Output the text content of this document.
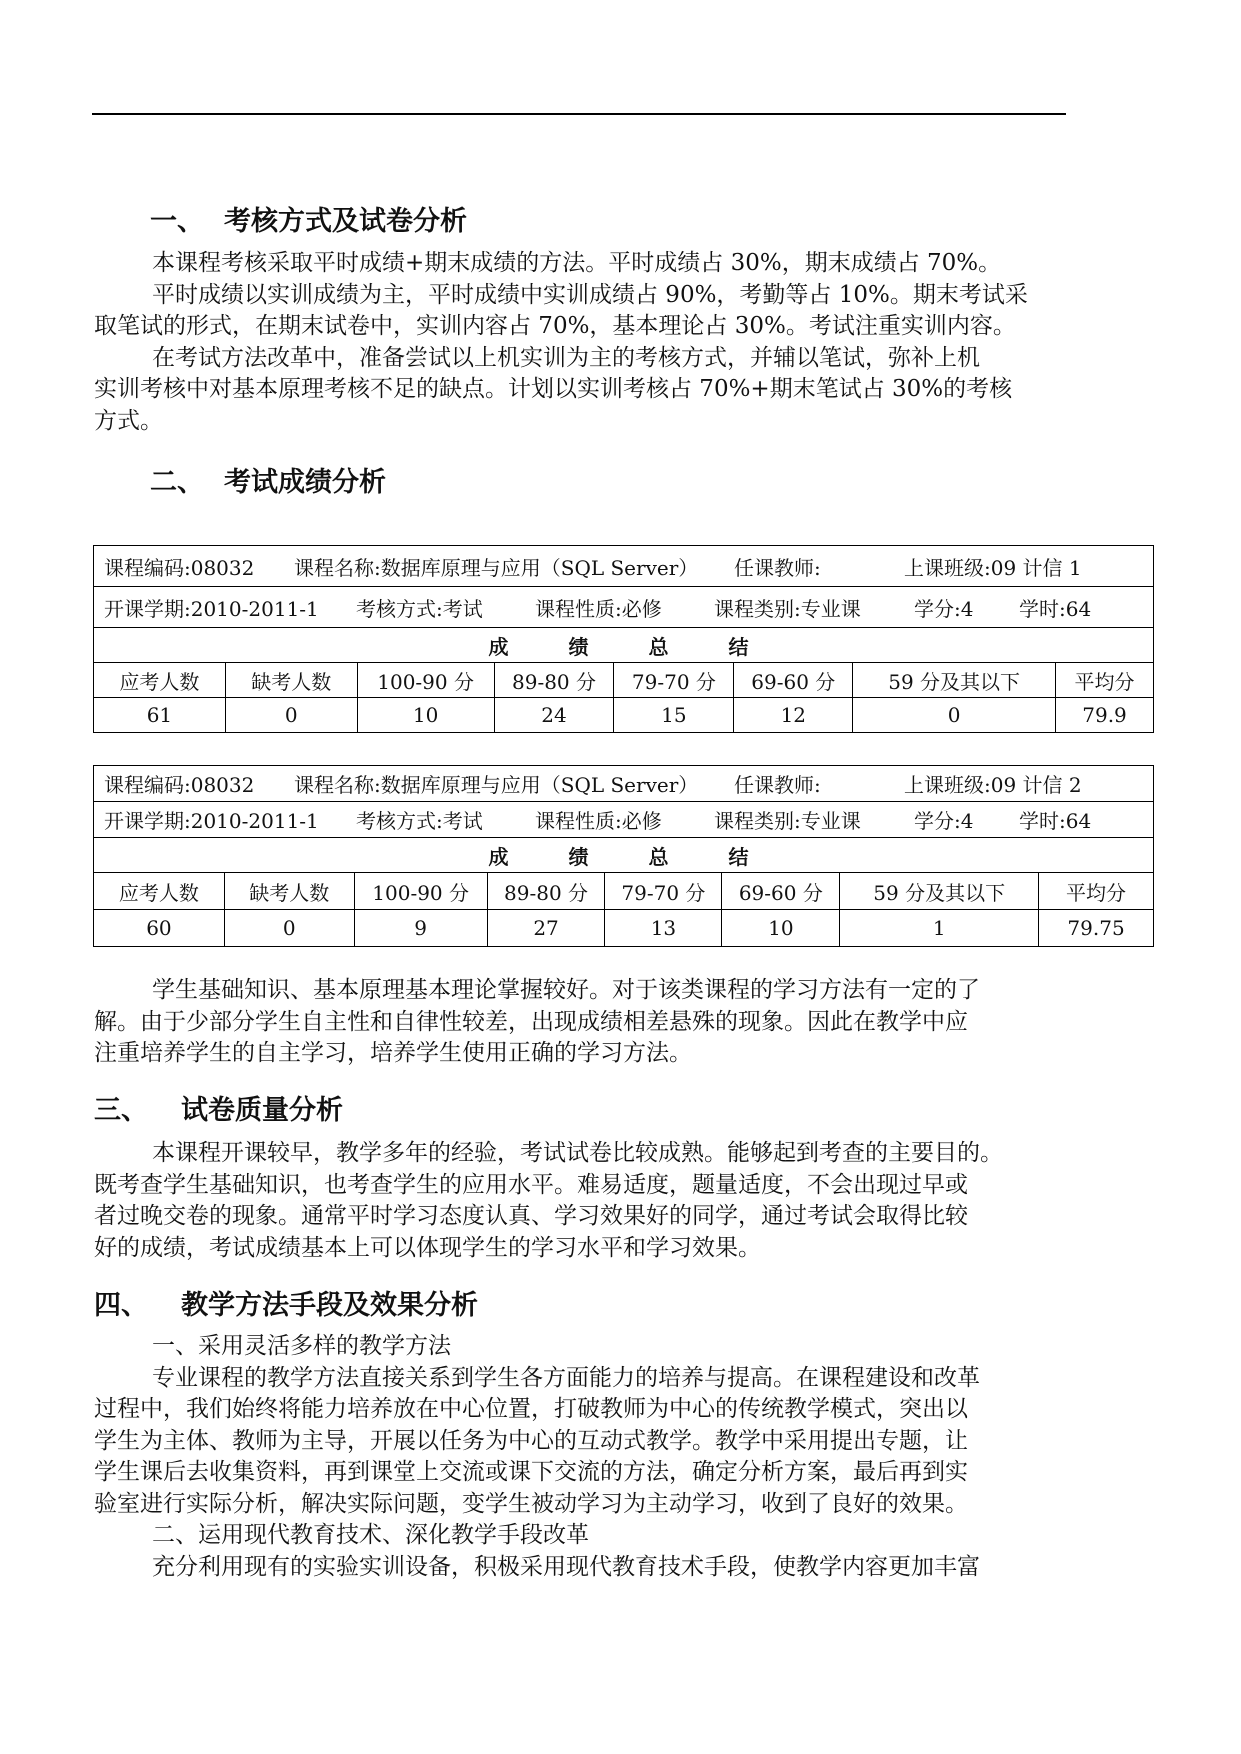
一、 考核方式及试卷分析
本课程考核采取平时成绩+期末成绩的方法。平时成绩占 30%，期末成绩占 70%。
平时成绩以实训成绩为主，平时成绩中实训成绩占 90%，考勤等占 10%。期末考试采
取笔试的形式，在期末试卷中，实训内容占 70%，基本理论占 30%。考试注重实训内容。
在考试方法改革中，准备尝试以上机实训为主的考核方式，并辅以笔试，弥补上机
实训考核中对基本原理考核不足的缺点。计划以实训考核占 70%+期末笔试占 30%的考核
方式。
二、 考试成绩分析
课程编码:08032 课程名称:数据库原理与应用（SQL Server） 任课教师: 上课班级:09 计信 1							
开课学期:2010-2011-1 考核方式:考试 课程性质:必修 课程类别:专业课 学分:4 学时:64							
成绩总结							
应考人数	缺考人数	100-90 分	89-80 分	79-70 分	69-60 分	59 分及其以下	平均分
61	0	10	24	15	12	0	79.9
课程编码:08032 课程名称:数据库原理与应用（SQL Server） 任课教师: 上课班级:09 计信 2							
开课学期:2010-2011-1 考核方式:考试 课程性质:必修 课程类别:专业课 学分:4 学时:64							
成绩总结							
应考人数	缺考人数	100-90 分	89-80 分	79-70 分	69-60 分	59 分及其以下	平均分
60	0	9	27	13	10	1	79.75
学生基础知识、基本原理基本理论掌握较好。对于该类课程的学习方法有一定的了
解。由于少部分学生自主性和自律性较差，出现成绩相差悬殊的现象。因此在教学中应
注重培养学生的自主学习，培养学生使用正确的学习方法。
三、 试卷质量分析
本课程开课较早，教学多年的经验，考试试卷比较成熟。能够起到考查的主要目的。
既考查学生基础知识，也考查学生的应用水平。难易适度，题量适度，不会出现过早或
者过晚交卷的现象。通常平时学习态度认真、学习效果好的同学，通过考试会取得比较
好的成绩，考试成绩基本上可以体现学生的学习水平和学习效果。
四、 教学方法手段及效果分析
一、采用灵活多样的教学方法
专业课程的教学方法直接关系到学生各方面能力的培养与提高。在课程建设和改革
过程中，我们始终将能力培养放在中心位置，打破教师为中心的传统教学模式，突出以
学生为主体、教师为主导，开展以任务为中心的互动式教学。教学中采用提出专题，让
学生课后去收集资料，再到课堂上交流或课下交流的方法，确定分析方案，最后再到实
验室进行实际分析，解决实际问题，变学生被动学习为主动学习，收到了良好的效果。
二、运用现代教育技术、深化教学手段改革
充分利用现有的实验实训设备，积极采用现代教育技术手段，使教学内容更加丰富
